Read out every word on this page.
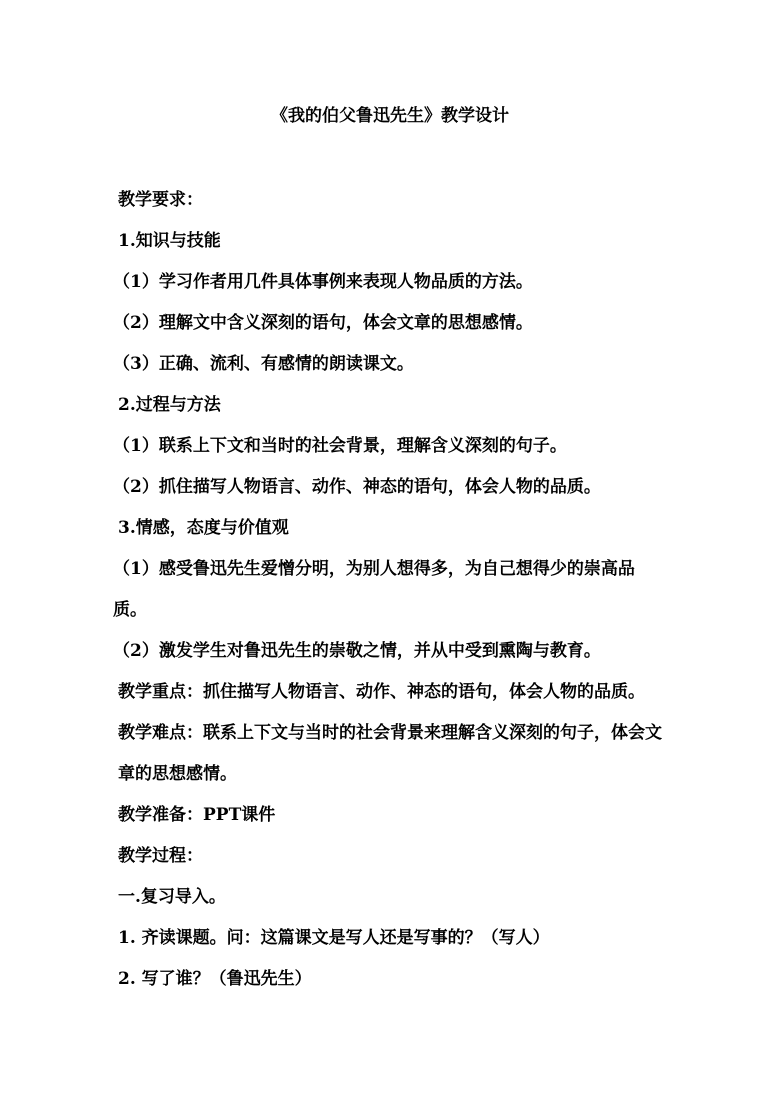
《我的伯父鲁迅先生》教学设计
教学要求：
1.知识与技能
（1）学习作者用几件具体事例来表现人物品质的方法。
（2）理解文中含义深刻的语句，体会文章的思想感情。
（3）正确、流利、有感情的朗读课文。
2.过程与方法
（1）联系上下文和当时的社会背景，理解含义深刻的句子。
（2）抓住描写人物语言、动作、神态的语句，体会人物的品质。
3.情感，态度与价值观
（1）感受鲁迅先生爱憎分明，为别人想得多，为自己想得少的崇高品质。
（2）激发学生对鲁迅先生的崇敬之情，并从中受到熏陶与教育。
教学重点：抓住描写人物语言、动作、神态的语句，体会人物的品质。
教学难点：联系上下文与当时的社会背景来理解含义深刻的句子，体会文章的思想感情。
教学准备：PPT课件
教学过程：
一.复习导入。
1. 齐读课题。问：这篇课文是写人还是写事的？（写人）
2. 写了谁？（鲁迅先生）
